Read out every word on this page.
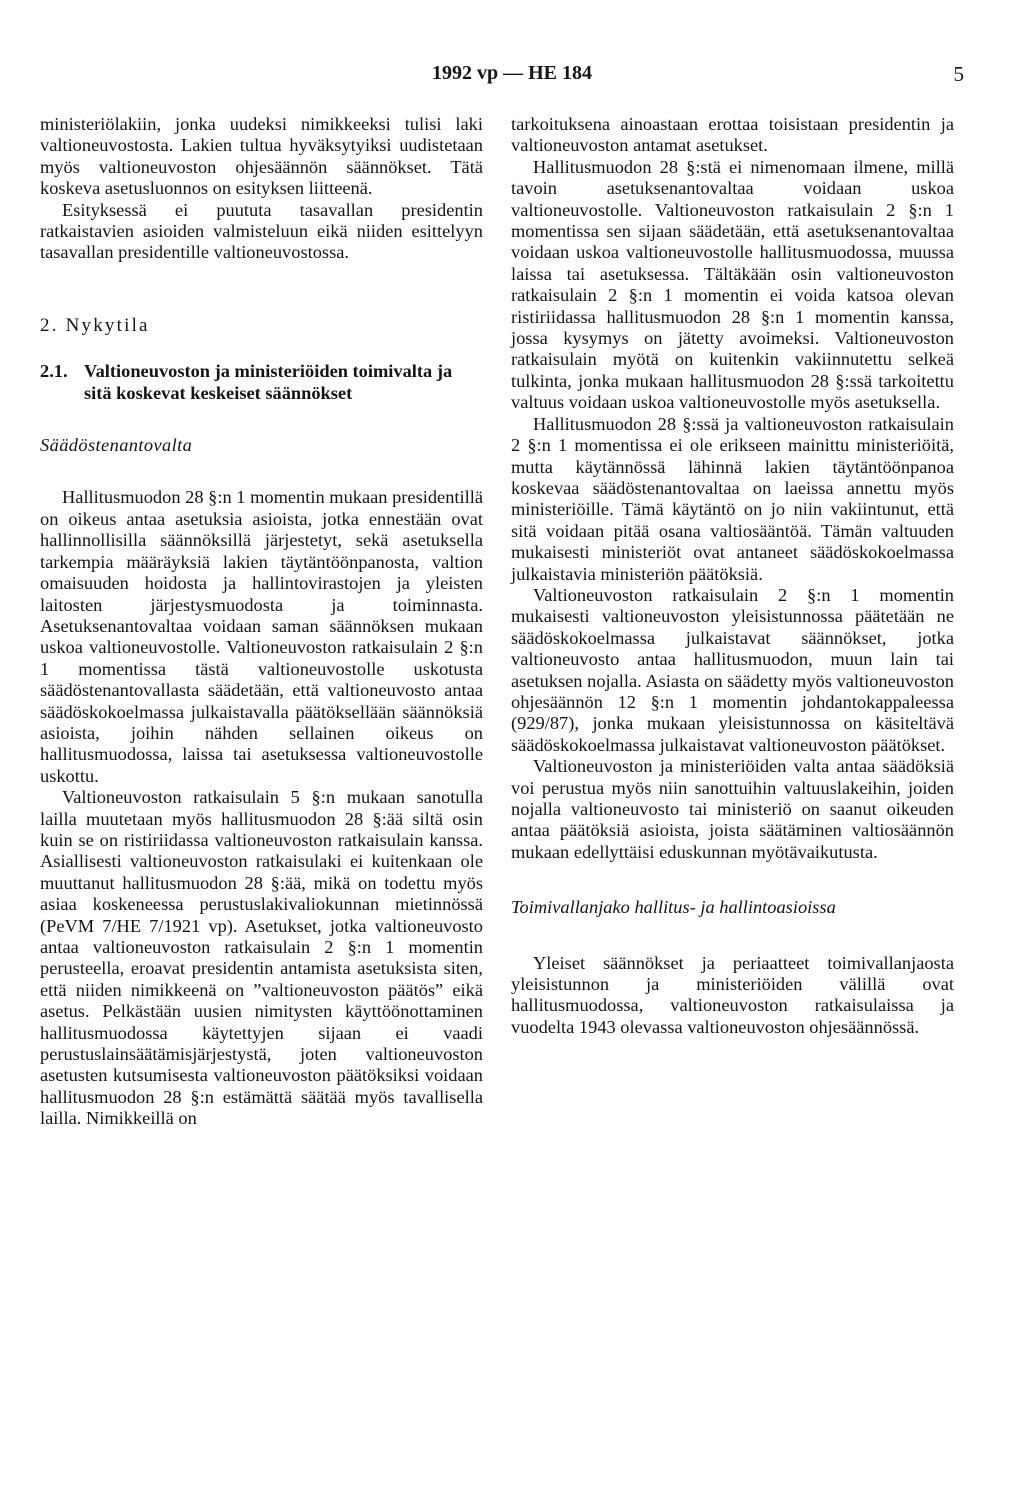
1992 vp — HE 184	5

ministeriölakiin, jonka uudeksi nimikkeeksi tulisi laki valtioneuvostosta. Lakien tultua hyväksytyiksi uudistetaan myös valtioneuvoston ohjesäännön säännökset. Tätä koskeva asetusluonnos on esityksen liitteenä.

Esityksessä ei puututa tasavallan presidentin ratkaistavien asioiden valmisteluun eikä niiden esittelyyn tasavallan presidentille valtioneuvostossa.

2. Nykytila

2.1. Valtioneuvoston ja ministeriöiden toimivalta ja sitä koskevat keskeiset säännökset

Säädöstenantovalta

Hallitusmuodon 28 §:n 1 momentin mukaan presidentillä on oikeus antaa asetuksia asioista, jotka ennestään ovat hallinnollisilla säännöksillä järjestetyt, sekä asetuksella tarkempia määräyksiä lakien täytäntöönpanosta, valtion omaisuuden hoidosta ja hallintovirastojen ja yleisten laitosten järjestysmuodosta ja toiminnasta. Asetuksenantovaltaa voidaan saman säännöksen mukaan uskoa valtioneuvostolle. Valtioneuvoston ratkaisulain 2 §:n 1 momentissa tästä valtioneuvostolle uskotusta säädöstenantovallasta säädetään, että valtioneuvosto antaa säädöskokoelmassa julkaistavalla päätöksellään säännöksiä asioista, joihin nähden sellainen oikeus on hallitusmuodossa, laissa tai asetuksessa valtioneuvostolle uskottu.

Valtioneuvoston ratkaisulain 5 §:n mukaan sanotulla lailla muutetaan myös hallitusmuodon 28 §:ää siltä osin kuin se on ristiriidassa valtioneuvoston ratkaisulain kanssa. Asiallisesti valtioneuvoston ratkaisulaki ei kuitenkaan ole muuttanut hallitusmuodon 28 §:ää, mikä on todettu myös asiaa koskeneessa perustuslakivaliokunnan mietinnössä (PeVM 7/HE 7/1921 vp). Asetukset, jotka valtioneuvosto antaa valtioneuvoston ratkaisulain 2 §:n 1 momentin perusteella, eroavat presidentin antamista asetuksista siten, että niiden nimikkeenä on ”valtioneuvoston päätös” eikä asetus. Pelkästään uusien nimitysten käyttöönottaminen hallitusmuodossa käytettyjen sijaan ei vaadi perustuslainsäätämisjärjestystä, joten valtioneuvoston asetusten kutsumisesta valtioneuvoston päätöksiksi voidaan hallitusmuodon 28 §:n estämättä säätää myös tavallisella lailla. Nimikkeillä on

tarkoituksena ainoastaan erottaa toisistaan presidentin ja valtioneuvoston antamat asetukset.

Hallitusmuodon 28 §:stä ei nimenomaan ilmene, millä tavoin asetuksenantovaltaa voidaan uskoa valtioneuvostolle. Valtioneuvoston ratkaisulain 2 §:n 1 momentissa sen sijaan säädetään, että asetuksenantovaltaa voidaan uskoa valtioneuvostolle hallitusmuodossa, muussa laissa tai asetuksessa. Tältäkään osin valtioneuvoston ratkaisulain 2 §:n 1 momentin ei voida katsoa olevan ristiriidassa hallitusmuodon 28 §:n 1 momentin kanssa, jossa kysymys on jätetty avoimeksi. Valtioneuvoston ratkaisulain myötä on kuitenkin vakiinnutettu selkeä tulkinta, jonka mukaan hallitusmuodon 28 §:ssä tarkoitettu valtuus voidaan uskoa valtioneuvostolle myös asetuksella.

Hallitusmuodon 28 §:ssä ja valtioneuvoston ratkaisulain 2 §:n 1 momentissa ei ole erikseen mainittu ministeriöitä, mutta käytännössä lähinnä lakien täytäntöönpanoa koskevaa säädöstenantovaltaa on laeissa annettu myös ministeriöille. Tämä käytäntö on jo niin vakiintunut, että sitä voidaan pitää osana valtiosääntöä. Tämän valtuuden mukaisesti ministeriöt ovat antaneet säädöskokoelmassa julkaistavia ministeriön päätöksiä.

Valtioneuvoston ratkaisulain 2 §:n 1 momentin mukaisesti valtioneuvoston yleisistunnossa päätetään ne säädöskokoelmassa julkaistavat säännökset, jotka valtioneuvosto antaa hallitusmuodon, muun lain tai asetuksen nojalla. Asiasta on säädetty myös valtioneuvoston ohjesäännön 12 §:n 1 momentin johdantokappaleessa (929/87), jonka mukaan yleisistunnossa on käsiteltävä säädöskokoelmassa julkaistavat valtioneuvoston päätökset.

Valtioneuvoston ja ministeriöiden valta antaa säädöksiä voi perustua myös niin sanottuihin valtuuslakeihin, joiden nojalla valtioneuvosto tai ministeriö on saanut oikeuden antaa päätöksiä asioista, joista säätäminen valtiosäännön mukaan edellyttäisi eduskunnan myötävaikutusta.

Toimivallanjako hallitus- ja hallintoasioissa

Yleiset säännökset ja periaatteet toimivallanjaosta yleisistunnon ja ministeriöiden välillä ovat hallitusmuodossa, valtioneuvoston ratkaisulaissa ja vuodelta 1943 olevassa valtioneuvoston ohjesäännössä.
